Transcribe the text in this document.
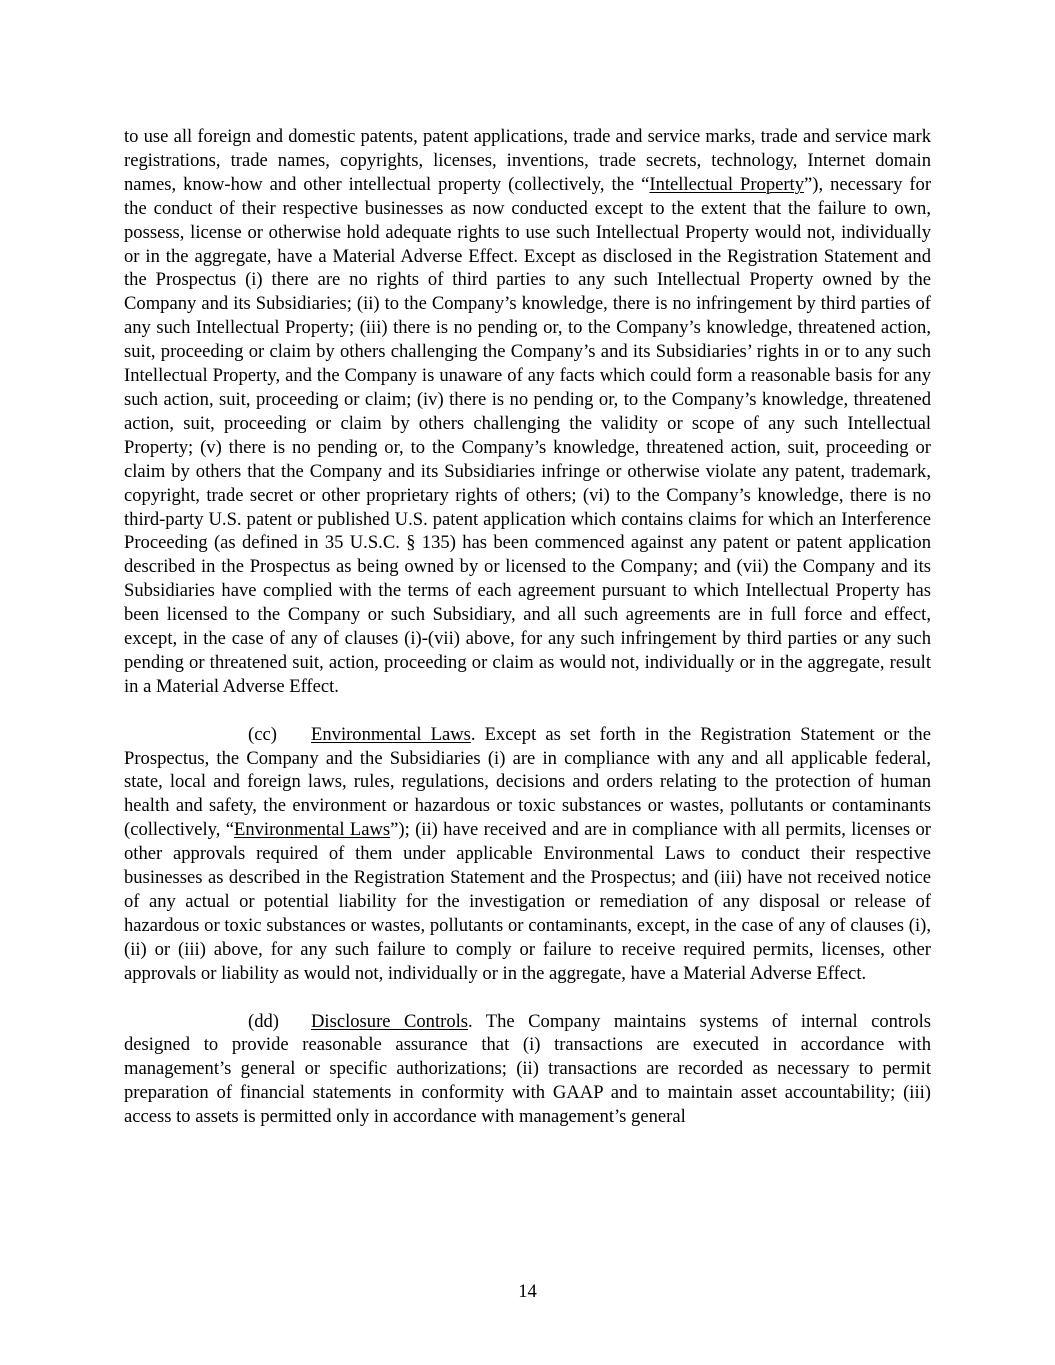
to use all foreign and domestic patents, patent applications, trade and service marks, trade and service mark registrations, trade names, copyrights, licenses, inventions, trade secrets, technology, Internet domain names, know-how and other intellectual property (collectively, the “Intellectual Property”), necessary for the conduct of their respective businesses as now conducted except to the extent that the failure to own, possess, license or otherwise hold adequate rights to use such Intellectual Property would not, individually or in the aggregate, have a Material Adverse Effect. Except as disclosed in the Registration Statement and the Prospectus (i) there are no rights of third parties to any such Intellectual Property owned by the Company and its Subsidiaries; (ii) to the Company’s knowledge, there is no infringement by third parties of any such Intellectual Property; (iii) there is no pending or, to the Company’s knowledge, threatened action, suit, proceeding or claim by others challenging the Company’s and its Subsidiaries’ rights in or to any such Intellectual Property, and the Company is unaware of any facts which could form a reasonable basis for any such action, suit, proceeding or claim; (iv) there is no pending or, to the Company’s knowledge, threatened action, suit, proceeding or claim by others challenging the validity or scope of any such Intellectual Property; (v) there is no pending or, to the Company’s knowledge, threatened action, suit, proceeding or claim by others that the Company and its Subsidiaries infringe or otherwise violate any patent, trademark, copyright, trade secret or other proprietary rights of others; (vi) to the Company’s knowledge, there is no third-party U.S. patent or published U.S. patent application which contains claims for which an Interference Proceeding (as defined in 35 U.S.C. § 135) has been commenced against any patent or patent application described in the Prospectus as being owned by or licensed to the Company; and (vii) the Company and its Subsidiaries have complied with the terms of each agreement pursuant to which Intellectual Property has been licensed to the Company or such Subsidiary, and all such agreements are in full force and effect, except, in the case of any of clauses (i)-(vii) above, for any such infringement by third parties or any such pending or threatened suit, action, proceeding or claim as would not, individually or in the aggregate, result in a Material Adverse Effect.

(cc) Environmental Laws. Except as set forth in the Registration Statement or the Prospectus, the Company and the Subsidiaries (i) are in compliance with any and all applicable federal, state, local and foreign laws, rules, regulations, decisions and orders relating to the protection of human health and safety, the environment or hazardous or toxic substances or wastes, pollutants or contaminants (collectively, “Environmental Laws”); (ii) have received and are in compliance with all permits, licenses or other approvals required of them under applicable Environmental Laws to conduct their respective businesses as described in the Registration Statement and the Prospectus; and (iii) have not received notice of any actual or potential liability for the investigation or remediation of any disposal or release of hazardous or toxic substances or wastes, pollutants or contaminants, except, in the case of any of clauses (i), (ii) or (iii) above, for any such failure to comply or failure to receive required permits, licenses, other approvals or liability as would not, individually or in the aggregate, have a Material Adverse Effect.

(dd) Disclosure Controls. The Company maintains systems of internal controls designed to provide reasonable assurance that (i) transactions are executed in accordance with management’s general or specific authorizations; (ii) transactions are recorded as necessary to permit preparation of financial statements in conformity with GAAP and to maintain asset accountability; (iii) access to assets is permitted only in accordance with management’s general

14
